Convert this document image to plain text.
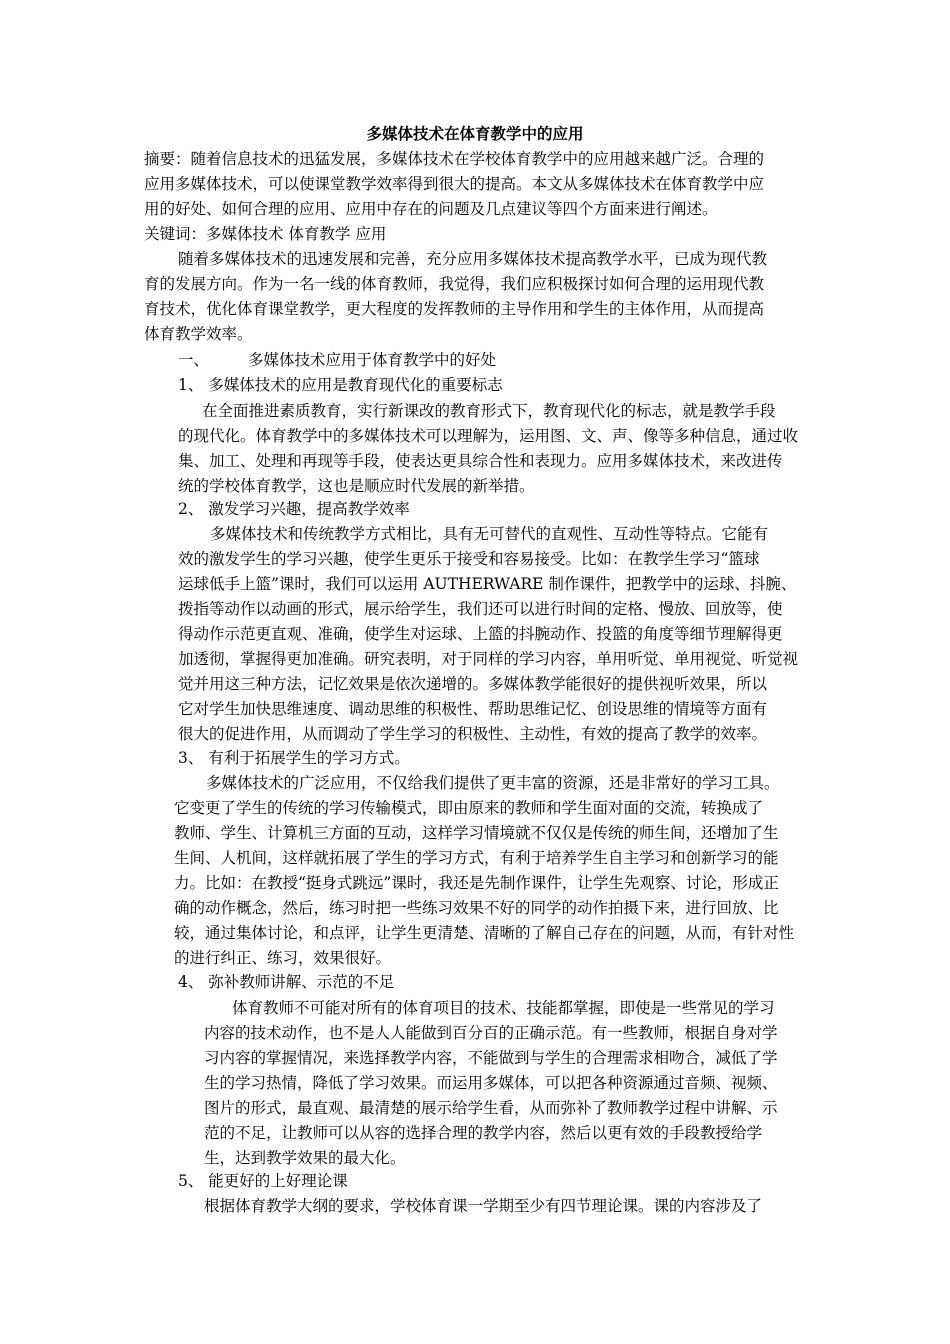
多媒体技术在体育教学中的应用
摘要：随着信息技术的迅猛发展，多媒体技术在学校体育教学中的应用越来越广泛。合理的
应用多媒体技术，可以使课堂教学效率得到很大的提高。本文从多媒体技术在体育教学中应
用的好处、如何合理的应用、应用中存在的问题及几点建议等四个方面来进行阐述。
关键词：多媒体技术 体育教学 应用
随着多媒体技术的迅速发展和完善，充分应用多媒体技术提高教学水平，已成为现代教
育的发展方向。作为一名一线的体育教师，我觉得，我们应积极探讨如何合理的运用现代教
育技术，优化体育课堂教学，更大程度的发挥教师的主导作用和学生的主体作用，从而提高
体育教学效率。
一、	多媒体技术应用于体育教学中的好处
1、 多媒体技术的应用是教育现代化的重要标志
在全面推进素质教育，实行新课改的教育形式下，教育现代化的标志，就是教学手段
的现代化。体育教学中的多媒体技术可以理解为，运用图、文、声、像等多种信息，通过收
集、加工、处理和再现等手段，使表达更具综合性和表现力。应用多媒体技术，来改进传
统的学校体育教学，这也是顺应时代发展的新举措。
2、 激发学习兴趣，提高教学效率
多媒体技术和传统教学方式相比，具有无可替代的直观性、互动性等特点。它能有
效的激发学生的学习兴趣，使学生更乐于接受和容易接受。比如：在教学生学习“篮球
运球低手上篮”课时，我们可以运用 AUTHERWARE 制作课件，把教学中的运球、抖腕、
拨指等动作以动画的形式，展示给学生，我们还可以进行时间的定格、慢放、回放等，使
得动作示范更直观、准确，使学生对运球、上篮的抖腕动作、投篮的角度等细节理解得更
加透彻，掌握得更加准确。研究表明，对于同样的学习内容，单用听觉、单用视觉、听觉视
觉并用这三种方法，记忆效果是依次递增的。多媒体教学能很好的提供视听效果，所以
它对学生加快思维速度、调动思维的积极性、帮助思维记忆、创设思维的情境等方面有
很大的促进作用，从而调动了学生学习的积极性、主动性，有效的提高了教学的效率。
3、 有利于拓展学生的学习方式。
多媒体技术的广泛应用，不仅给我们提供了更丰富的资源，还是非常好的学习工具。
它变更了学生的传统的学习传输模式，即由原来的教师和学生面对面的交流，转换成了
教师、学生、计算机三方面的互动，这样学习情境就不仅仅是传统的师生间，还增加了生
生间、人机间，这样就拓展了学生的学习方式，有利于培养学生自主学习和创新学习的能
力。比如：在教授“挺身式跳远”课时，我还是先制作课件，让学生先观察、讨论，形成正
确的动作概念，然后，练习时把一些练习效果不好的同学的动作拍摄下来，进行回放、比
较，通过集体讨论，和点评，让学生更清楚、清晰的了解自己存在的问题，从而，有针对性
的进行纠正、练习，效果很好。
4、 弥补教师讲解、示范的不足
体育教师不可能对所有的体育项目的技术、技能都掌握，即使是一些常见的学习
内容的技术动作，也不是人人能做到百分百的正确示范。有一些教师，根据自身对学
习内容的掌握情况，来选择教学内容，不能做到与学生的合理需求相吻合，减低了学
生的学习热情，降低了学习效果。而运用多媒体，可以把各种资源通过音频、视频、
图片的形式，最直观、最清楚的展示给学生看，从而弥补了教师教学过程中讲解、示
范的不足，让教师可以从容的选择合理的教学内容，然后以更有效的手段教授给学
生，达到教学效果的最大化。
5、 能更好的上好理论课
根据体育教学大纲的要求，学校体育课一学期至少有四节理论课。课的内容涉及了
